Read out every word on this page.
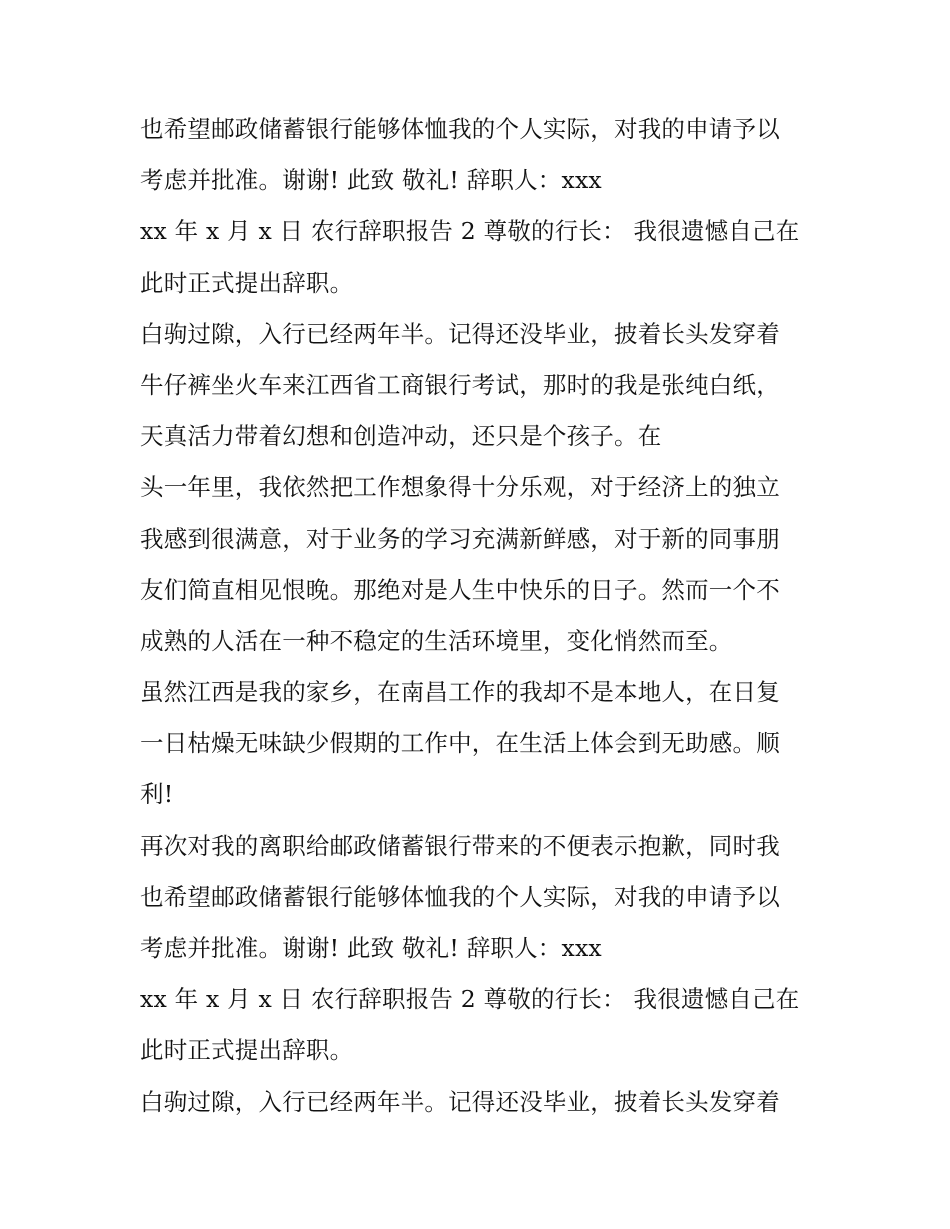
也希望邮政储蓄银行能够体恤我的个人实际，对我的申请予以
考虑并批准。谢谢! 此致 敬礼! 辞职人：xxx
xx 年 x 月 x 日 农行辞职报告 2 尊敬的行长： 我很遗憾自己在
此时正式提出辞职。
白驹过隙，入行已经两年半。记得还没毕业，披着长头发穿着
牛仔裤坐火车来江西省工商银行考试，那时的我是张纯白纸，
天真活力带着幻想和创造冲动，还只是个孩子。在
头一年里，我依然把工作想象得十分乐观，对于经济上的独立
我感到很满意，对于业务的学习充满新鲜感，对于新的同事朋
友们简直相见恨晚。那绝对是人生中快乐的日子。然而一个不
成熟的人活在一种不稳定的生活环境里，变化悄然而至。
虽然江西是我的家乡，在南昌工作的我却不是本地人，在日复
一日枯燥无味缺少假期的工作中，在生活上体会到无助感。顺
利!
再次对我的离职给邮政储蓄银行带来的不便表示抱歉，同时我
也希望邮政储蓄银行能够体恤我的个人实际，对我的申请予以
考虑并批准。谢谢! 此致 敬礼! 辞职人：xxx
xx 年 x 月 x 日 农行辞职报告 2 尊敬的行长： 我很遗憾自己在
此时正式提出辞职。
白驹过隙，入行已经两年半。记得还没毕业，披着长头发穿着
